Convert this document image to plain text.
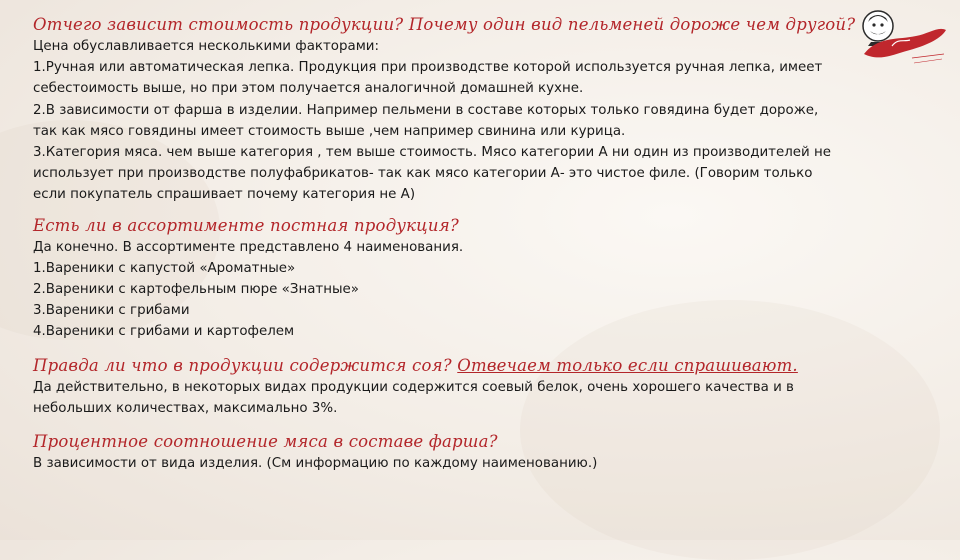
Отчего зависит стоимость продукции? Почему один вид пельменей дороже чем другой?

Цена обуславливается несколькими факторами:

1.Ручная или автоматическая лепка. Продукция при производстве которой используется ручная лепка, имеет

себестоимость выше, но при этом получается аналогичной домашней кухне.

2.В зависимости от фарша в изделии. Например пельмени в составе которых только говядина будет дороже,

так как мясо говядины имеет стоимость выше ,чем например свинина или курица.

3.Категория мяса. чем выше категория , тем выше стоимость. Мясо категории А ни один из производителей не

использует при производстве полуфабрикатов- так как мясо категории А- это чистое филе. (Говорим только

если покупатель спрашивает почему категория не А)

Есть ли в ассортименте постная продукция?

Да конечно. В ассортименте представлено 4 наименования.

1.Вареники с капустой «Ароматные»

2.Вареники с картофельным пюре «Знатные»

3.Вареники с грибами

4.Вареники с грибами и картофелем

Правда ли что в продукции содержится соя? Отвечаем только если спрашивают.

Да действительно, в некоторых видах продукции содержится соевый белок, очень хорошего качества и в

небольших количествах, максимально 3%.

Процентное соотношение мяса в составе фарша?

В зависимости от вида изделия. (См информацию по каждому наименованию.)
